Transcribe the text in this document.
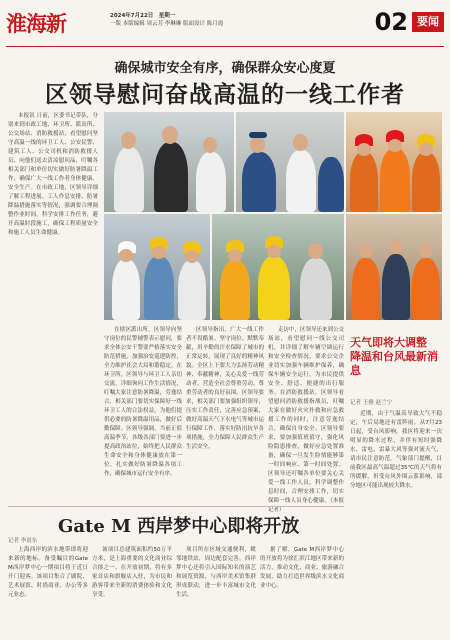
淮海新	2024年7月22日　星期一
一版 本版编辑 周云芳 李琳琳 版面设计 陈月霞	02 要闻
确保城市安全有序，确保群众安心度夏
区领导慰问奋战高温的一线工作者

本报讯 日前，区委书记带队，分别来到市政工地、环卫所、派出所、公交场站、消防救援站，看望慰问坚守高温一线的环卫工人、公安民警、建筑工人、公交司机和消防救援人员，向他们送去清凉慰问品，叮嘱各相关部门和单位切实做好防暑降温工作，确保广大一线工作者身体健康、安全生产。在市政工地，区领导详细了解工程进展、工人作息安排、防暑降温措施落实等情况，强调要合理调整作业时间，科学安排工作任务，避开高温时段施工，确保工程质量安全和施工人员生命健康。

在辖区派出所，区领导向坚守岗位的民警辅警表示慰问，要求全体公安干警要严格落实安全防范措施，加强治安巡逻防控，全力维护社会大局和谐稳定。在环卫所，区领导与环卫工人亲切交流，详细询问工作生活情况，叮嘱大家注意防暑降温，劳逸结合，相关部门要切实保障好一线环卫工人的合法权益，为他们提供必要的防暑降温用品，做好后勤保障。区领导强调，当前正值高温季节，各级各部门要进一步提高政治站位，始终把人民群众生命安全和身体健康放在第一位，扎实做好防暑降温各项工作，确保城市运行安全有序。

区领导指出，广大一线工作者不畏酷暑、坚守岗位、默默奉献，用辛勤的汗水保障了城市的正常运转，展现了良好的精神风貌。全区上下要大力弘扬劳动精神、奉献精神，关心关爱一线劳动者，营造全社会尊重劳动、尊重劳动者的良好氛围。区领导要求，相关部门要加强组织领导，压实工作责任，完善应急预案，做好高温天气下水电气等城市运行保障工作，落实好防汛抗旱各项措施，全力保障人民群众生产生活安全。

走访中，区领导还来到公交场站，看望慰问一线公交司机，并详细了解车辆空调运行和安全检查情况，要求公交企业切实加强车辆维护保养，确保车辆安全运行，为市民提供安全、舒适、便捷的出行服务。在消防救援站，区领导看望慰问消防救援指战员，叮嘱大家在做好火灾扑救和应急救援工作的同时，注意劳逸结合，确保自身安全。区领导要求，要加强值班值守，强化风险隐患排查，做好应急处置准备，确保一旦发生险情能够第一时间响应、第一时间处置。区领导还叮嘱各单位要关心关爱一线工作人员，科学调整作息时间，合理安排工作，切实保障一线人员身心健康。（本报记者）

天气即将大调整　降温和台风最新消息
记者 王雅 赵兰宁

近期，由于气温高导致大气不稳定，午后局地还有雷阵雨。从7月23日起，受台风影响，我区将迎来一次明显的降水过程，并伴有短时强降水、雷电、雷暴大风等强对流天气，请市民注意防范。气象部门提醒，目前我区最高气温超过35℃的天气将有所缓解，但受台风外围云系影响，部分地区可能出现较大降水。

Gate M 西岸梦中心即将开放
记者 李晨东

上海西岸的滨水地带即将迎来新的地标。备受瞩目的Gate M西岸梦中心一期项目将于近日开门迎客。该项目集合了剧院、艺术展馆、时尚商业、办公等多元业态。

该项目总建筑面积约50万平方米，是上海重要的文化商业综合体之一。在开放初期，将有多家首店和旗舰店入驻，为市民和游客带来全新的消费体验和文化享受。

项目所在区域交通便利，毗邻地铁站，周边配套完善。西岸梦中心还将引入国际知名的演艺和展览资源，与西岸美术馆集群形成联动，进一步丰富城市文化生活。

据了解，Gate M西岸梦中心的开放将为徐汇滨江地区带来新的活力，推动文化、商业、旅游融合发展，助力打造世界级滨水文化商业中心。
